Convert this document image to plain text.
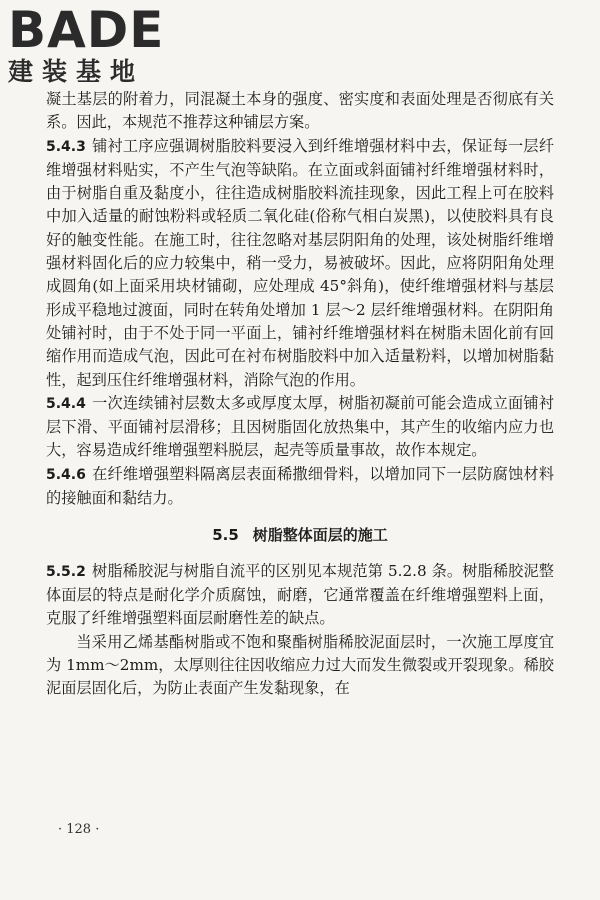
BADE
建装基地

凝土基层的附着力，同混凝土本身的强度、密实度和表面处理是否彻底有关系。因此，本规范不推荐这种铺层方案。

5.4.3 铺衬工序应强调树脂胶料要浸入到纤维增强材料中去，保证每一层纤维增强材料贴实，不产生气泡等缺陷。在立面或斜面铺衬纤维增强材料时，由于树脂自重及黏度小，往往造成树脂胶料流挂现象，因此工程上可在胶料中加入适量的耐蚀粉料或轻质二氧化硅(俗称气相白炭黑)，以使胶料具有良好的触变性能。在施工时，往往忽略对基层阴阳角的处理，该处树脂纤维增强材料固化后的应力较集中，稍一受力，易被破坏。因此，应将阴阳角处理成圆角(如上面采用块材铺砌，应处理成 45°斜角)，使纤维增强材料与基层形成平稳地过渡面，同时在转角处增加 1 层～2 层纤维增强材料。在阴阳角处铺衬时，由于不处于同一平面上，铺衬纤维增强材料在树脂未固化前有回缩作用而造成气泡，因此可在衬布树脂胶料中加入适量粉料，以增加树脂黏性，起到压住纤维增强材料，消除气泡的作用。

5.4.4 一次连续铺衬层数太多或厚度太厚，树脂初凝前可能会造成立面铺衬层下滑、平面铺衬层滑移；且因树脂固化放热集中，其产生的收缩内应力也大，容易造成纤维增强塑料脱层，起壳等质量事故，故作本规定。

5.4.6 在纤维增强塑料隔离层表面稀撒细骨料，以增加同下一层防腐蚀材料的接触面和黏结力。

5.5 树脂整体面层的施工

5.5.2 树脂稀胶泥与树脂自流平的区别见本规范第 5.2.8 条。树脂稀胶泥整体面层的特点是耐化学介质腐蚀，耐磨，它通常覆盖在纤维增强塑料上面，克服了纤维增强塑料面层耐磨性差的缺点。

当采用乙烯基酯树脂或不饱和聚酯树脂稀胶泥面层时，一次施工厚度宜为 1mm～2mm，太厚则往往因收缩应力过大而发生微裂或开裂现象。稀胶泥面层固化后，为防止表面产生发黏现象，在

· 128 ·
